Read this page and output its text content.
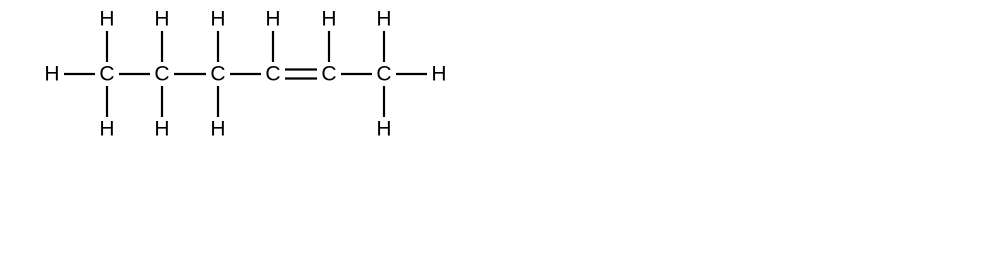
H C C C C C C H
H
H
H
H
H
H
H H H
H
